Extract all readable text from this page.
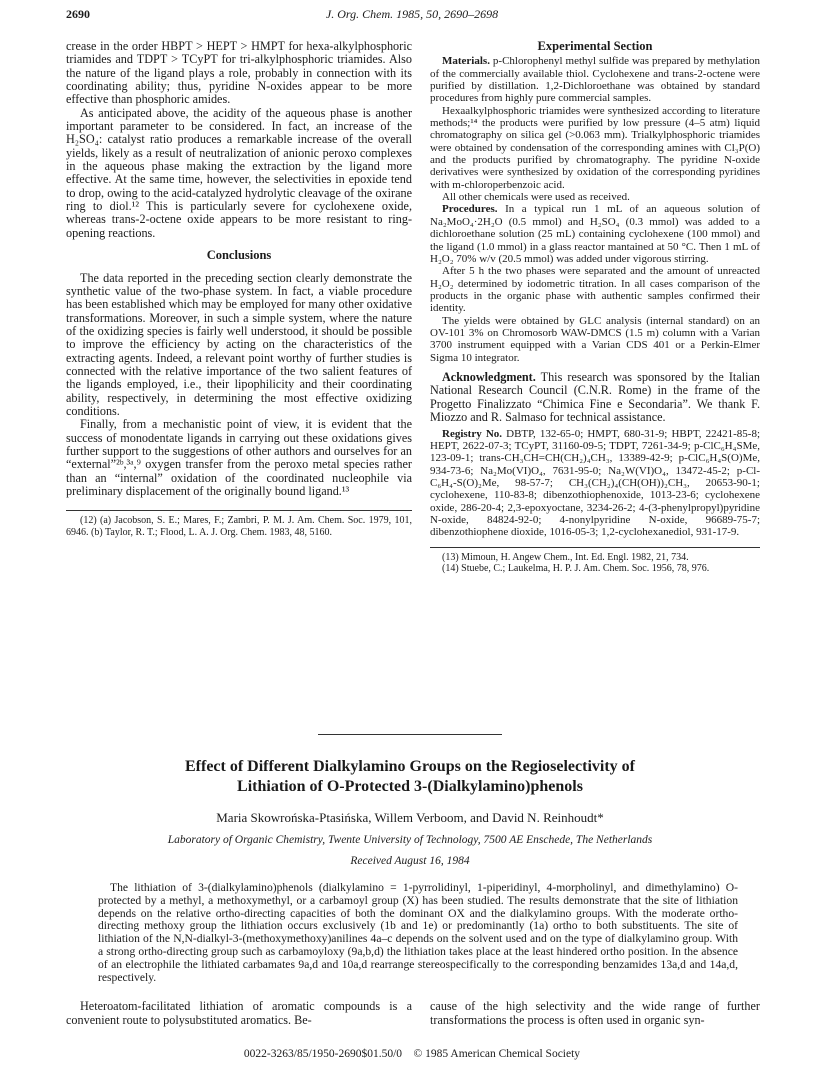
2690	J. Org. Chem. 1985, 50, 2690–2698

crease in the order HBPT > HEPT > HMPT for hexa-alkylphosphoric triamides and TDPT > TCyPT for tri-alkylphosphoric triamides. Also the nature of the ligand plays a role, probably in connection with its coordinating ability; thus, pyridine N-oxides appear to be more effective than phosphoric amides.

As anticipated above, the acidity of the aqueous phase is another important parameter to be considered. In fact, an increase of the H₂SO₄: catalyst ratio produces a remarkable increase of the overall yields, likely as a result of neutralization of anionic peroxo complexes in the aqueous phase making the extraction by the ligand more effective. At the same time, however, the selectivities in epoxide tend to drop, owing to the acid-catalyzed hydrolytic cleavage of the oxirane ring to diol.¹² This is particularly severe for cyclohexene oxide, whereas trans-2-octene oxide appears to be more resistant to ring-opening reactions.

Conclusions

The data reported in the preceding section clearly demonstrate the synthetic value of the two-phase system. In fact, a viable procedure has been established which may be employed for many other oxidative transformations. Moreover, in such a simple system, where the nature of the oxidizing species is fairly well understood, it should be possible to improve the efficiency by acting on the characteristics of the extracting agents. Indeed, a relevant point worthy of further studies is connected with the relative importance of the two salient features of the ligands employed, i.e., their lipophilicity and their coordinating ability, respectively, in determining the most effective oxidizing conditions.

Finally, from a mechanistic point of view, it is evident that the success of monodentate ligands in carrying out these oxidations gives further support to the suggestions of other authors and ourselves for an “external”²ᵇ,³ᵃ,⁹ oxygen transfer from the peroxo metal species rather than an “internal” oxidation of the coordinated nucleophile via preliminary displacement of the originally bound ligand.¹³

(12) (a) Jacobson, S. E.; Mares, F.; Zambri, P. M. J. Am. Chem. Soc. 1979, 101, 6946. (b) Taylor, R. T.; Flood, L. A. J. Org. Chem. 1983, 48, 5160.

Experimental Section

Materials. p-Chlorophenyl methyl sulfide was prepared by methylation of the commercially available thiol. Cyclohexene and trans-2-octene were purified by distillation. 1,2-Dichloroethane was obtained by standard procedures from highly pure commercial samples.

Hexaalkylphosphoric triamides were synthesized according to literature methods;¹⁴ the products were purified by low pressure (4–5 atm) liquid chromatography on silica gel (>0.063 mm). Trialkylphosphoric triamides were obtained by condensation of the corresponding amines with Cl₃P(O) and the products purified by chromatography. The pyridine N-oxide derivatives were synthesized by oxidation of the corresponding pyridines with m-chloroperbenzoic acid.

All other chemicals were used as received.

Procedures. In a typical run 1 mL of an aqueous solution of Na₂MoO₄·2H₂O (0.5 mmol) and H₂SO₄ (0.3 mmol) was added to a dichloroethane solution (25 mL) containing cyclohexene (100 mmol) and the ligand (1.0 mmol) in a glass reactor mantained at 50 °C. Then 1 mL of H₂O₂ 70% w/v (20.5 mmol) was added under vigorous stirring.

After 5 h the two phases were separated and the amount of unreacted H₂O₂ determined by iodometric titration. In all cases comparison of the products in the organic phase with authentic samples confirmed their identity.

The yields were obtained by GLC analysis (internal standard) on an OV-101 3% on Chromosorb WAW-DMCS (1.5 m) column with a Varian 3700 instrument equipped with a Varian CDS 401 or a Perkin-Elmer Sigma 10 integrator.

Acknowledgment. This research was sponsored by the Italian National Research Council (C.N.R. Rome) in the frame of the Progetto Finalizzato “Chimica Fine e Secondaria”. We thank F. Miozzo and R. Salmaso for technical assistance.

Registry No. DBTP, 132-65-0; HMPT, 680-31-9; HBPT, 22421-85-8; HEPT, 2622-07-3; TCyPT, 31160-09-5; TDPT, 7261-34-9; p-ClC₆H₄SMe, 123-09-1; trans-CH₃CH=CH(CH₂)₄CH₃, 13389-42-9; p-ClC₆H₄S(O)Me, 934-73-6; Na₂Mo(VI)O₄, 7631-95-0; Na₂W(VI)O₄, 13472-45-2; p-Cl-C₆H₄-S(O)₂Me, 98-57-7; CH₃(CH₂)₄(CH(OH))₂CH₃, 20653-90-1; cyclohexene, 110-83-8; dibenzothiophenoxide, 1013-23-6; cyclohexene oxide, 286-20-4; 2,3-epoxyoctane, 3234-26-2; 4-(3-phenylpropyl)pyridine N-oxide, 84824-92-0; 4-nonylpyridine N-oxide, 96689-75-7; dibenzothiophene dioxide, 1016-05-3; 1,2-cyclohexanediol, 931-17-9.

(13) Mimoun, H. Angew Chem., Int. Ed. Engl. 1982, 21, 734.

(14) Stuebe, C.; Laukelma, H. P. J. Am. Chem. Soc. 1956, 78, 976.

Effect of Different Dialkylamino Groups on the Regioselectivity of
Lithiation of O-Protected 3-(Dialkylamino)phenols
Maria Skowrońska-Ptasińska, Willem Verboom, and David N. Reinhoudt*
Laboratory of Organic Chemistry, Twente University of Technology, 7500 AE Enschede, The Netherlands
Received August 16, 1984
The lithiation of 3-(dialkylamino)phenols (dialkylamino = 1-pyrrolidinyl, 1-piperidinyl, 4-morpholinyl, and dimethylamino) O-protected by a methyl, a methoxymethyl, or a carbamoyl group (X) has been studied. The results demonstrate that the site of lithiation depends on the relative ortho-directing capacities of both the dominant OX and the dialkylamino groups. With the moderate ortho-directing methoxy group the lithiation occurs exclusively (1b and 1e) or predominantly (1a) ortho to both substituents. The site of lithiation of the N,N-dialkyl-3-(methoxymethoxy)anilines 4a–c depends on the solvent used and on the type of dialkylamino group. With a strong ortho-directing group such as carbamoyloxy (9a,b,d) the lithiation takes place at the least hindered ortho position. In the absence of an electrophile the lithiated carbamates 9a,d and 10a,d rearrange stereospecifically to the corresponding benzamides 13a,d and 14a,d, respectively.
Heteroatom-facilitated lithiation of aromatic compounds is a convenient route to polysubstituted aromatics. Be-
cause of the high selectivity and the wide range of further transformations the process is often used in organic syn-
0022-3263/85/1950-2690$01.50/0 © 1985 American Chemical Society
